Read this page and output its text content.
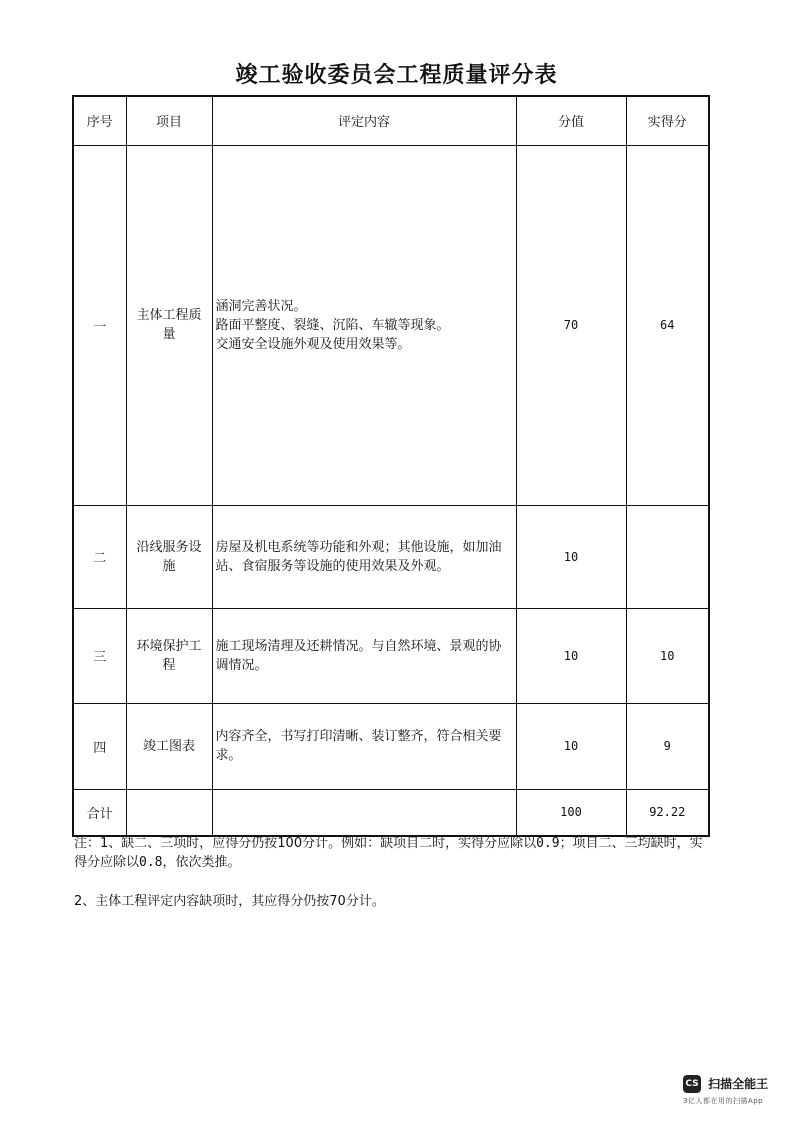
竣工验收委员会工程质量评分表
序号	项目	评定内容	分值	实得分
一	主体工程质量	涵洞完善状况。
路面平整度、裂缝、沉陷、车辙等现象。
交通安全设施外观及使用效果等。	70	64
二	沿线服务设施	房屋及机电系统等功能和外观；其他设施，如加油站、食宿服务等设施的使用效果及外观。	10	
三	环境保护工程	施工现场清理及还耕情况。与自然环境、景观的协调情况。	10	10
四	竣工图表	内容齐全，书写打印清晰、装订整齐，符合相关要求。	10	9
合计			100	92.22

注：1、缺二、三项时，应得分仍按100分计。例如：缺项目二时，实得分应除以0.9；项目二、三均缺时，实得分应除以0.8，依次类推。

2、主体工程评定内容缺项时，其应得分仍按70分计。

CS 扫描全能王
3亿人都在用的扫描App
